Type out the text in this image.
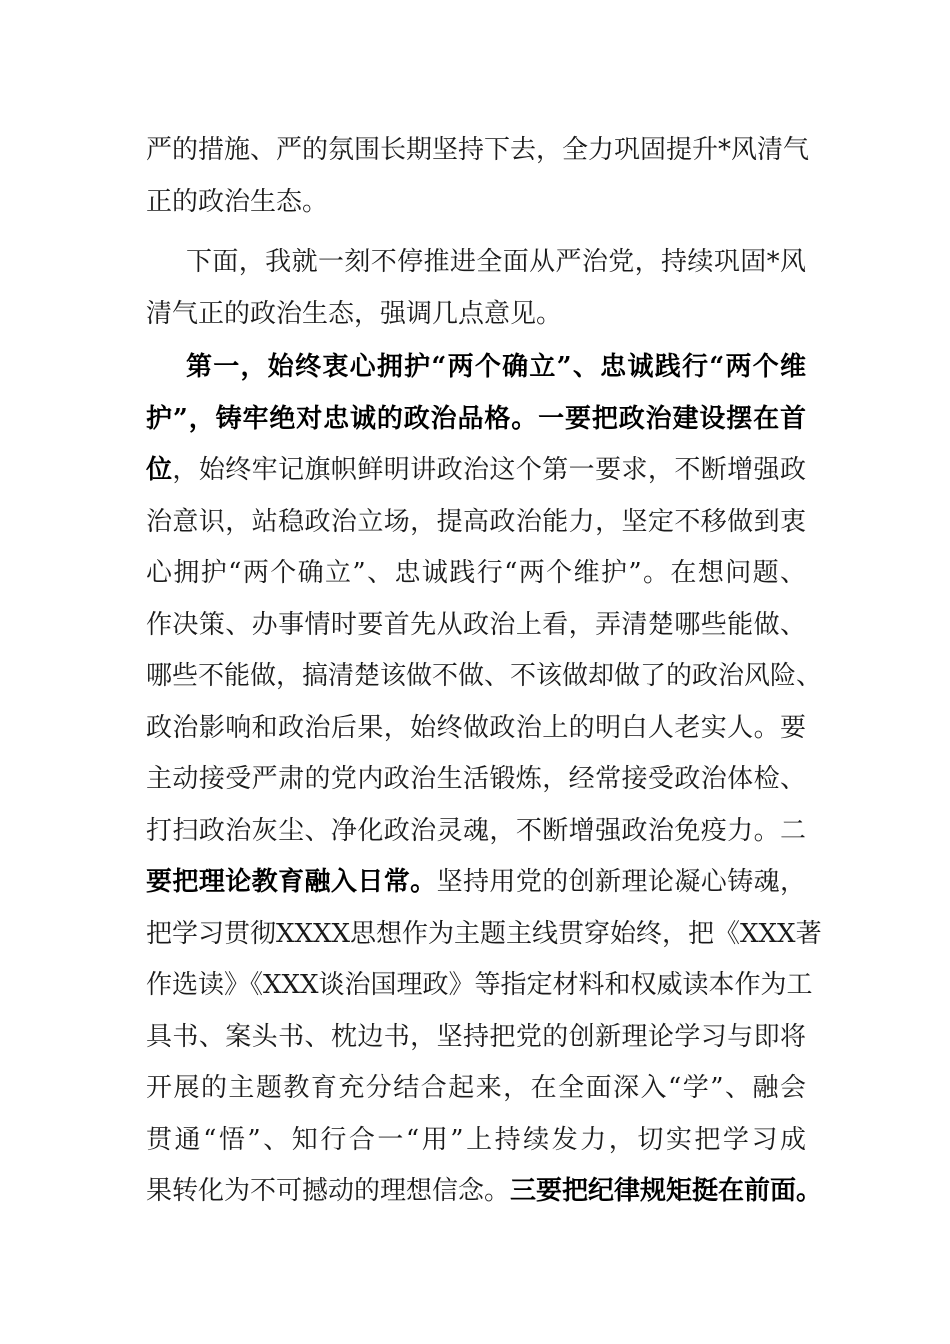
严的措施、严的氛围长期坚持下去，全力巩固提升*风清气
正的政治生态。
下面，我就一刻不停推进全面从严治党，持续巩固*风
清气正的政治生态，强调几点意见。
第一，始终衷心拥护“两个确立”、忠诚践行“两个维
护”，铸牢绝对忠诚的政治品格。一要把政治建设摆在首
位，始终牢记旗帜鲜明讲政治这个第一要求，不断增强政
治意识，站稳政治立场，提高政治能力，坚定不移做到衷
心拥护“两个确立”、忠诚践行“两个维护”。在想问题、
作决策、办事情时要首先从政治上看，弄清楚哪些能做、
哪些不能做，搞清楚该做不做、不该做却做了的政治风险、
政治影响和政治后果，始终做政治上的明白人老实人。要
主动接受严肃的党内政治生活锻炼，经常接受政治体检、
打扫政治灰尘、净化政治灵魂，不断增强政治免疫力。二
要把理论教育融入日常。坚持用党的创新理论凝心铸魂，
把学习贯彻XXXX思想作为主题主线贯穿始终，把《XXX著
作选读》《XXX谈治国理政》等指定材料和权威读本作为工
具书、案头书、枕边书，坚持把党的创新理论学习与即将
开展的主题教育充分结合起来，在全面深入“学”、融会
贯通“悟”、知行合一“用”上持续发力，切实把学习成
果转化为不可撼动的理想信念。三要把纪律规矩挺在前面。
